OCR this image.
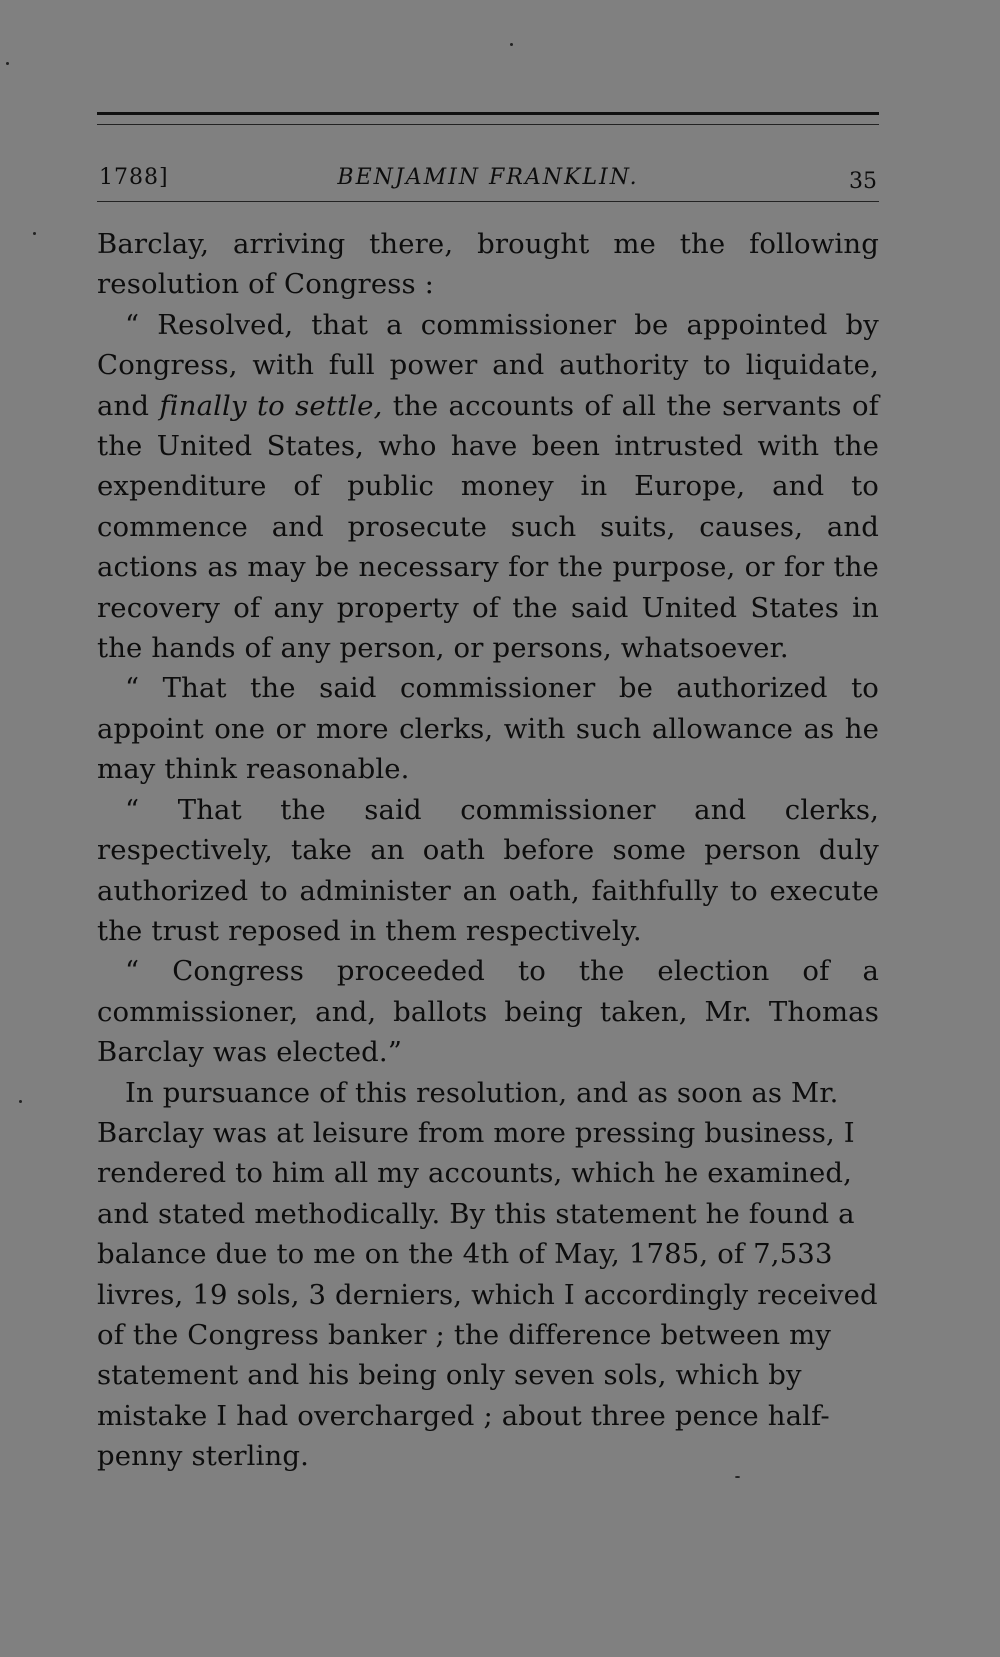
1788]	BENJAMIN FRANKLIN.	35

Barclay, arriving there, brought me the following resolution of Congress :

“ Resolved, that a commissioner be appointed by Congress, with full power and authority to liquidate, and finally to settle, the accounts of all the servants of the United States, who have been intrusted with the expenditure of public money in Europe, and to commence and prosecute such suits, causes, and actions as may be necessary for the purpose, or for the recovery of any property of the said United States in the hands of any person, or persons, whatsoever.

“ That the said commissioner be authorized to appoint one or more clerks, with such allowance as he may think reasonable.

“ That the said commissioner and clerks, respectively, take an oath before some person duly authorized to administer an oath, faithfully to execute the trust reposed in them respectively.

“ Congress proceeded to the election of a commissioner, and, ballots being taken, Mr. Thomas Barclay was elected.”

In pursuance of this resolution, and as soon as Mr. Barclay was at leisure from more pressing business, I rendered to him all my accounts, which he examined, and stated methodically. By this statement he found a balance due to me on the 4th of May, 1785, of 7,533 livres, 19 sols, 3 derniers, which I accordingly received of the Congress banker ; the difference between my statement and his being only seven sols, which by mistake I had overcharged ; about three pence half-penny sterling.
